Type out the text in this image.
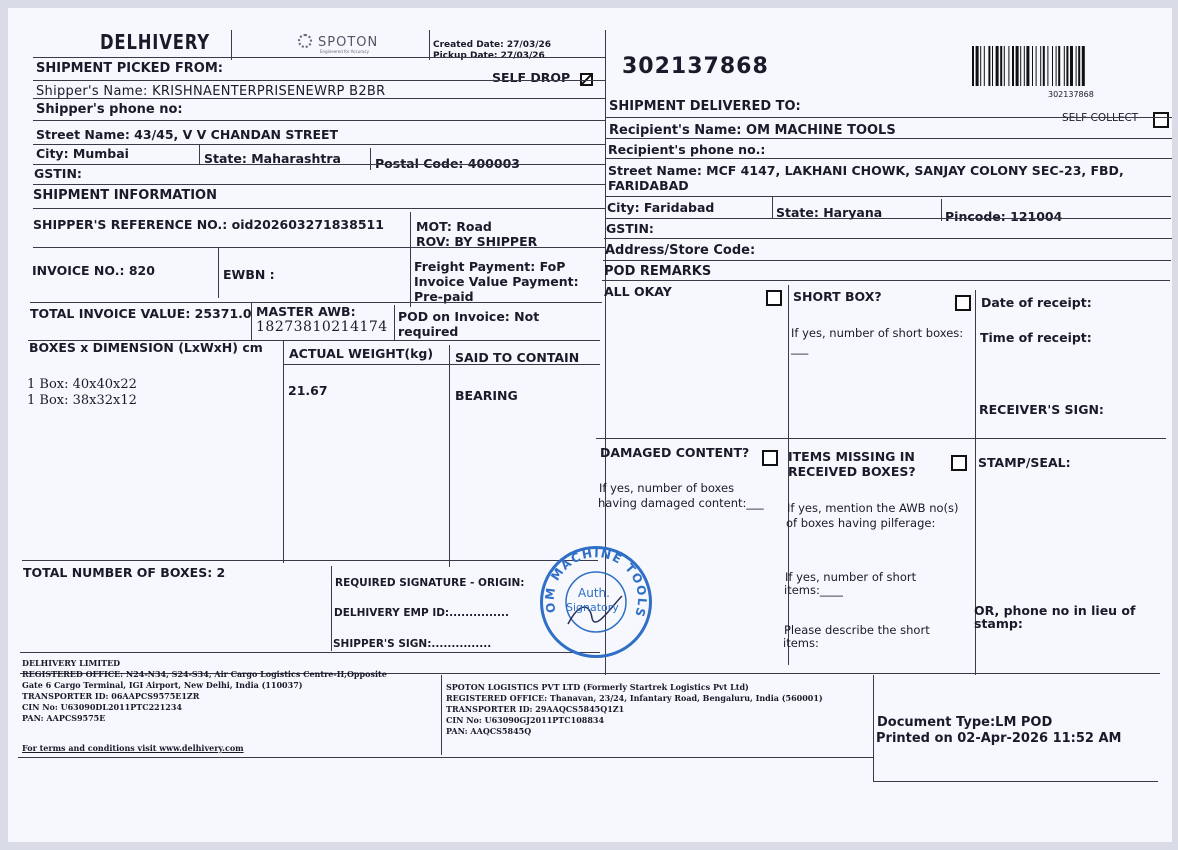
DELHIVERY	SPOTON
Engineered for Accuracy
Created Date: 27/03/26
Pickup Date: 27/03/26	302137868
302137868
SHIPMENT PICKED FROM:
SELF DROP
Shipper's Name: KRISHNAENTERPRISENEWRP B2BR
Shipper's phone no:
Street Name: 43/45, V V CHANDAN STREET
City: Mumbai	State: Maharashtra	Postal Code: 400003
GSTIN:
SHIPMENT INFORMATION
SHIPPER'S REFERENCE NO.: oid202603271838511	MOT: Road
ROV: BY SHIPPER
INVOICE NO.: 820	EWBN :
Freight Payment: FoP
Invoice Value Payment:
Pre-paid
TOTAL INVOICE VALUE: 25371.0 MASTER AWB:
18273810214174
POD on Invoice: Not
required
BOXES x DIMENSION (LxWxH) cm ACTUAL WEIGHT(kg) SAID TO CONTAIN
1 Box: 40x40x22
1 Box: 38x32x12
21.67	BEARING
TOTAL NUMBER OF BOXES: 2
REQUIRED SIGNATURE - ORIGIN:
DELHIVERY EMP ID:...............
SHIPPER'S SIGN:...............
SHIPMENT DELIVERED TO:
SELF COLLECT
Recipient's Name: OM MACHINE TOOLS
Recipient's phone no.:
Street Name: MCF 4147, LAKHANI CHOWK, SANJAY COLONY SEC-23, FBD,
FARIDABAD
City: Faridabad	State: Haryana	Pincode: 121004
GSTIN:
Address/Store Code:
POD REMARKS
ALL OKAY	SHORT BOX?
If yes, number of short boxes:
___
Date of receipt:
Time of receipt:
RECEIVER'S SIGN:
DAMAGED CONTENT?
If yes, number of boxes
having damaged content:___
ITEMS MISSING IN
RECEIVED BOXES?
If yes, mention the AWB no(s)
of boxes having pilferage:
If yes, number of short
items:____
Please describe the short
items:
STAMP/SEAL:
OR, phone no in lieu of
stamp:
OM MACHINE TOOLS
Auth.
Signatory
DELHIVERY LIMITED
REGISTERED OFFICE: N24-N34, S24-S34, Air Cargo Logistics Centre-II,Opposite
Gate 6 Cargo Terminal, IGI Airport, New Delhi, India (110037)
TRANSPORTER ID: 06AAPCS9575E1ZR
CIN No: U63090DL2011PTC221234
PAN: AAPCS9575E
For terms and conditions visit www.delhivery.com
SPOTON LOGISTICS PVT LTD (Formerly Startrek Logistics Pvt Ltd)
REGISTERED OFFICE: Thanavan, 23/24, Infantary Road, Bengaluru, India (560001)
TRANSPORTER ID: 29AAQCS5845Q1Z1
CIN No: U63090GJ2011PTC108834
PAN: AAQCS5845Q
Document Type:LM POD
Printed on 02-Apr-2026 11:52 AM
